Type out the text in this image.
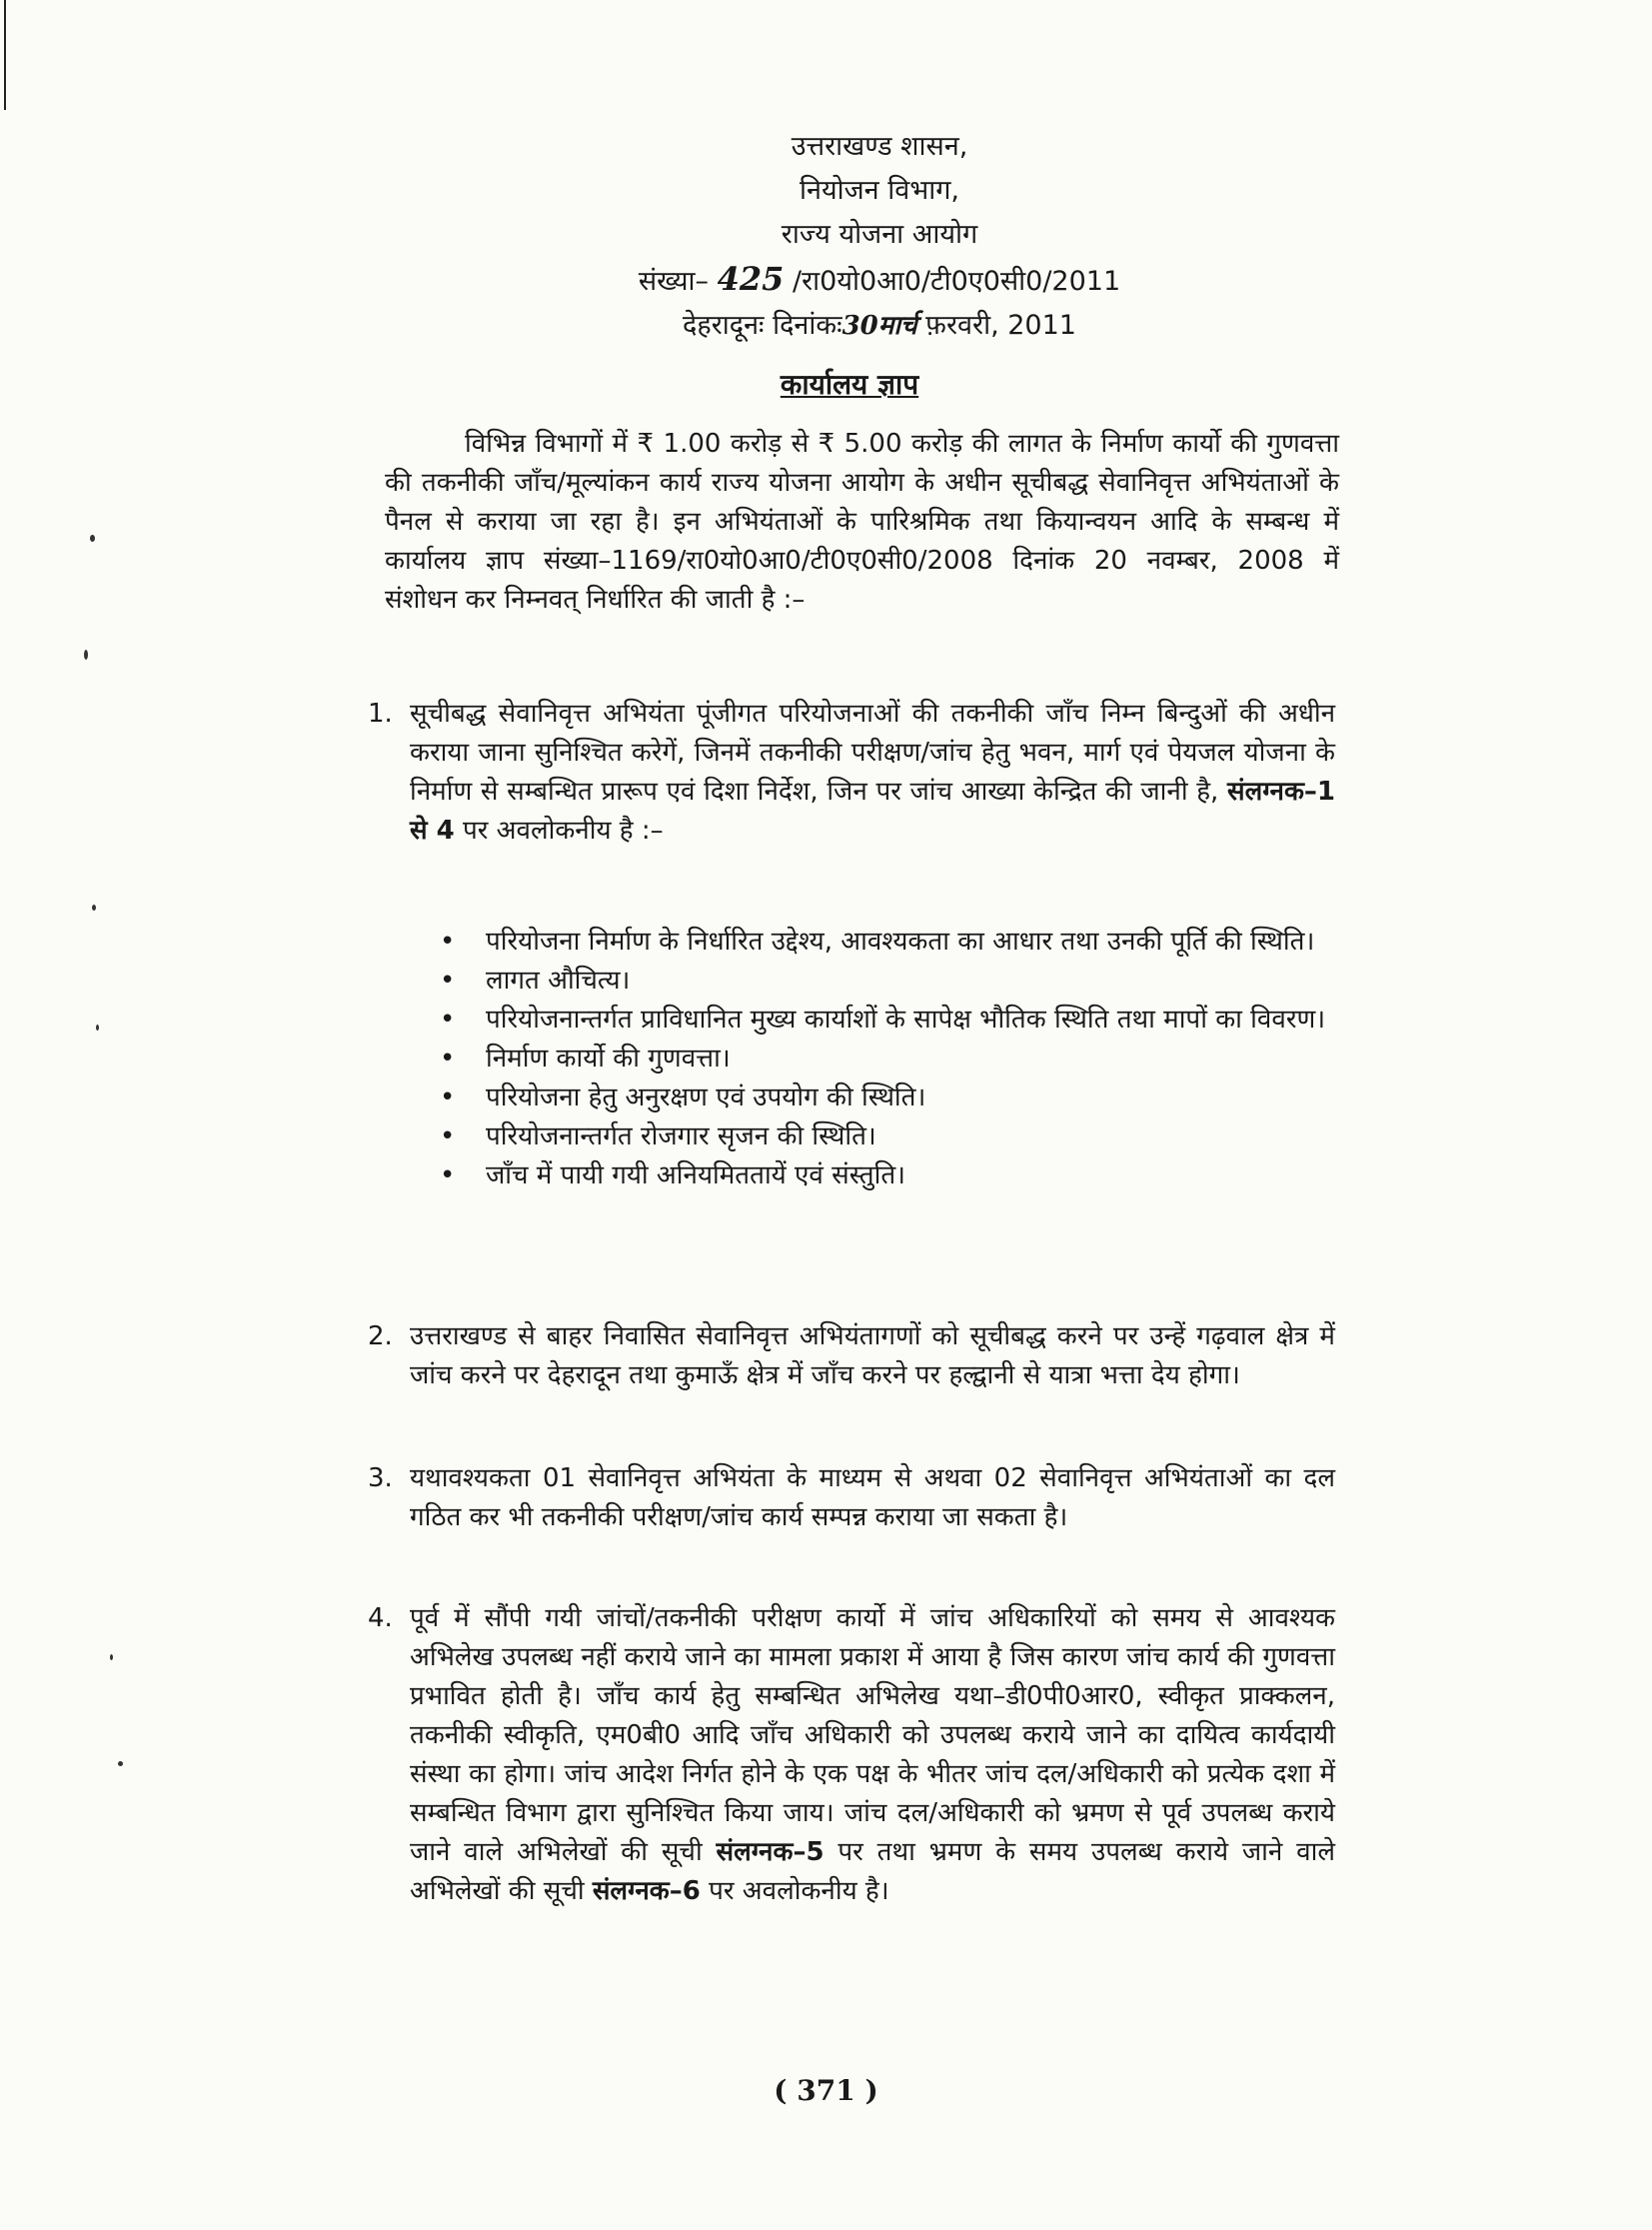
उत्तराखण्ड शासन,
नियोजन विभाग,
राज्य योजना आयोग
संख्या– 425 /रा0यो0आ0/टी0ए0सी0/2011
देहरादूनः दिनांकः30मार्च फ़रवरी, 2011
कार्यालय ज्ञाप

विभिन्न विभागों में ₹ 1.00 करोड़ से ₹ 5.00 करोड़ की लागत के निर्माण कार्यो की गुणवत्ता की तकनीकी जाँच/मूल्यांकन कार्य राज्य योजना आयोग के अधीन सूचीबद्ध सेवानिवृत्त अभियंताओं के पैनल से कराया जा रहा है। इन अभियंताओं के पारिश्रमिक तथा कियान्वयन आदि के सम्बन्ध में कार्यालय ज्ञाप संख्या–1169/रा0यो0आ0/टी0ए0सी0/2008 दिनांक 20 नवम्बर, 2008 में संशोधन कर निम्नवत् निर्धारित की जाती है :–

1. सूचीबद्ध सेवानिवृत्त अभियंता पूंजीगत परियोजनाओं की तकनीकी जाँच निम्न बिन्दुओं की अधीन कराया जाना सुनिश्चित करेगें, जिनमें तकनीकी परीक्षण/जांच हेतु भवन, मार्ग एवं पेयजल योजना के निर्माण से सम्बन्धित प्रारूप एवं दिशा निर्देश, जिन पर जांच आख्या केन्द्रित की जानी है, संलग्नक–1 से 4 पर अवलोकनीय है :–
• परियोजना निर्माण के निर्धारित उद्देश्य, आवश्यकता का आधार तथा उनकी पूर्ति की स्थिति।
• लागत औचित्य।
• परियोजनान्तर्गत प्राविधानित मुख्य कार्याशों के सापेक्ष भौतिक स्थिति तथा मापों का विवरण।
• निर्माण कार्यो की गुणवत्ता।
• परियोजना हेतु अनुरक्षण एवं उपयोग की स्थिति।
• परियोजनान्तर्गत रोजगार सृजन की स्थिति।
• जाँच में पायी गयी अनियमिततायें एवं संस्तुति।
2. उत्तराखण्ड से बाहर निवासित सेवानिवृत्त अभियंतागणों को सूचीबद्ध करने पर उन्हें गढ़वाल क्षेत्र में जांच करने पर देहरादून तथा कुमाऊँ क्षेत्र में जाँच करने पर हल्द्वानी से यात्रा भत्ता देय होगा।
3. यथावश्यकता 01 सेवानिवृत्त अभियंता के माध्यम से अथवा 02 सेवानिवृत्त अभियंताओं का दल गठित कर भी तकनीकी परीक्षण/जांच कार्य सम्पन्न कराया जा सकता है।
4. पूर्व में सौंपी गयी जांचों/तकनीकी परीक्षण कार्यो में जांच अधिकारियों को समय से आवश्यक अभिलेख उपलब्ध नहीं कराये जाने का मामला प्रकाश में आया है जिस कारण जांच कार्य की गुणवत्ता प्रभावित होती है। जाँच कार्य हेतु सम्बन्धित अभिलेख यथा–डी0पी0आर0, स्वीकृत प्राक्कलन, तकनीकी स्वीकृति, एम0बी0 आदि जाँच अधिकारी को उपलब्ध कराये जाने का दायित्व कार्यदायी संस्था का होगा। जांच आदेश निर्गत होने के एक पक्ष के भीतर जांच दल/अधिकारी को प्रत्येक दशा में सम्बन्धित विभाग द्वारा सुनिश्चित किया जाय। जांच दल/अधिकारी को भ्रमण से पूर्व उपलब्ध कराये जाने वाले अभिलेखों की सूची संलग्नक–5 पर तथा भ्रमण के समय उपलब्ध कराये जाने वाले अभिलेखों की सूची संलग्नक–6 पर अवलोकनीय है।
( 371 )
